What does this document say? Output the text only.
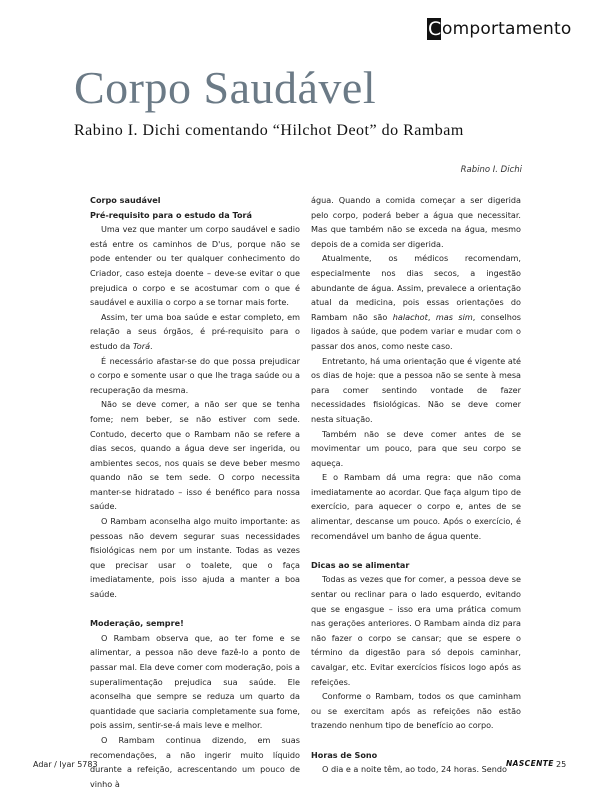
C omportamento
Corpo Saudável
Rabino I. Dichi comentando “Hilchot Deot” do Rambam
Rabino I. Dichi

Corpo saudável

Pré-requisito para o estudo da Torá

Uma vez que manter um corpo saudável e sadio está entre os caminhos de D'us, porque não se pode entender ou ter qualquer conhecimento do Criador, caso esteja doente – deve-se evitar o que prejudica o corpo e se acostumar com o que é saudável e auxilia o corpo a se tornar mais forte.

Assim, ter uma boa saúde e estar completo, em relação a seus órgãos, é pré-requisito para o estudo da Torá.

É necessário afastar-se do que possa prejudicar o corpo e somente usar o que lhe traga saúde ou a recuperação da mesma.

Não se deve comer, a não ser que se tenha fome; nem beber, se não estiver com sede. Contudo, decerto que o Rambam não se refere a dias secos, quando a água deve ser ingerida, ou ambientes secos, nos quais se deve beber mesmo quando não se tem sede. O corpo necessita manter-se hidratado – isso é benéfico para nossa saúde.

O Rambam aconselha algo muito importante: as pessoas não devem segurar suas necessidades fisiológicas nem por um instante. Todas as vezes que precisar usar o toalete, que o faça imediatamente, pois isso ajuda a manter a boa saúde.

Moderação, sempre!

O Rambam observa que, ao ter fome e se alimentar, a pessoa não deve fazê-lo a ponto de passar mal. Ela deve comer com moderação, pois a superalimentação prejudica sua saúde. Ele aconselha que sempre se reduza um quarto da quantidade que saciaria completamente sua fome, pois assim, sentir-se-á mais leve e melhor.

O Rambam continua dizendo, em suas recomendações, a não ingerir muito líquido durante a refeição, acrescentando um pouco de vinho à

água. Quando a comida começar a ser digerida pelo corpo, poderá beber a água que necessitar. Mas que também não se exceda na água, mesmo depois de a comida ser digerida.

Atualmente, os médicos recomendam, especialmente nos dias secos, a ingestão abundante de água. Assim, prevalece a orientação atual da medicina, pois essas orientações do Rambam não são halachot, mas sim, conselhos ligados à saúde, que podem variar e mudar com o passar dos anos, como neste caso.

Entretanto, há uma orientação que é vigente até os dias de hoje: que a pessoa não se sente à mesa para comer sentindo vontade de fazer necessidades fisiológicas. Não se deve comer nesta situação.

Também não se deve comer antes de se movimentar um pouco, para que seu corpo se aqueça.

E o Rambam dá uma regra: que não coma imediatamente ao acordar. Que faça algum tipo de exercício, para aquecer o corpo e, antes de se alimentar, descanse um pouco. Após o exercício, é recomendável um banho de água quente.

Dicas ao se alimentar

Todas as vezes que for comer, a pessoa deve se sentar ou reclinar para o lado esquerdo, evitando que se engasgue – isso era uma prática comum nas gerações anteriores. O Rambam ainda diz para não fazer o corpo se cansar; que se espere o término da digestão para só depois caminhar, cavalgar, etc. Evitar exercícios físicos logo após as refeições.

Conforme o Rambam, todos os que caminham ou se exercitam após as refeições não estão trazendo nenhum tipo de benefício ao corpo.

Horas de Sono

O dia e a noite têm, ao todo, 24 horas. Sendo

Adar / Iyar 5783	NASCENTE 25
